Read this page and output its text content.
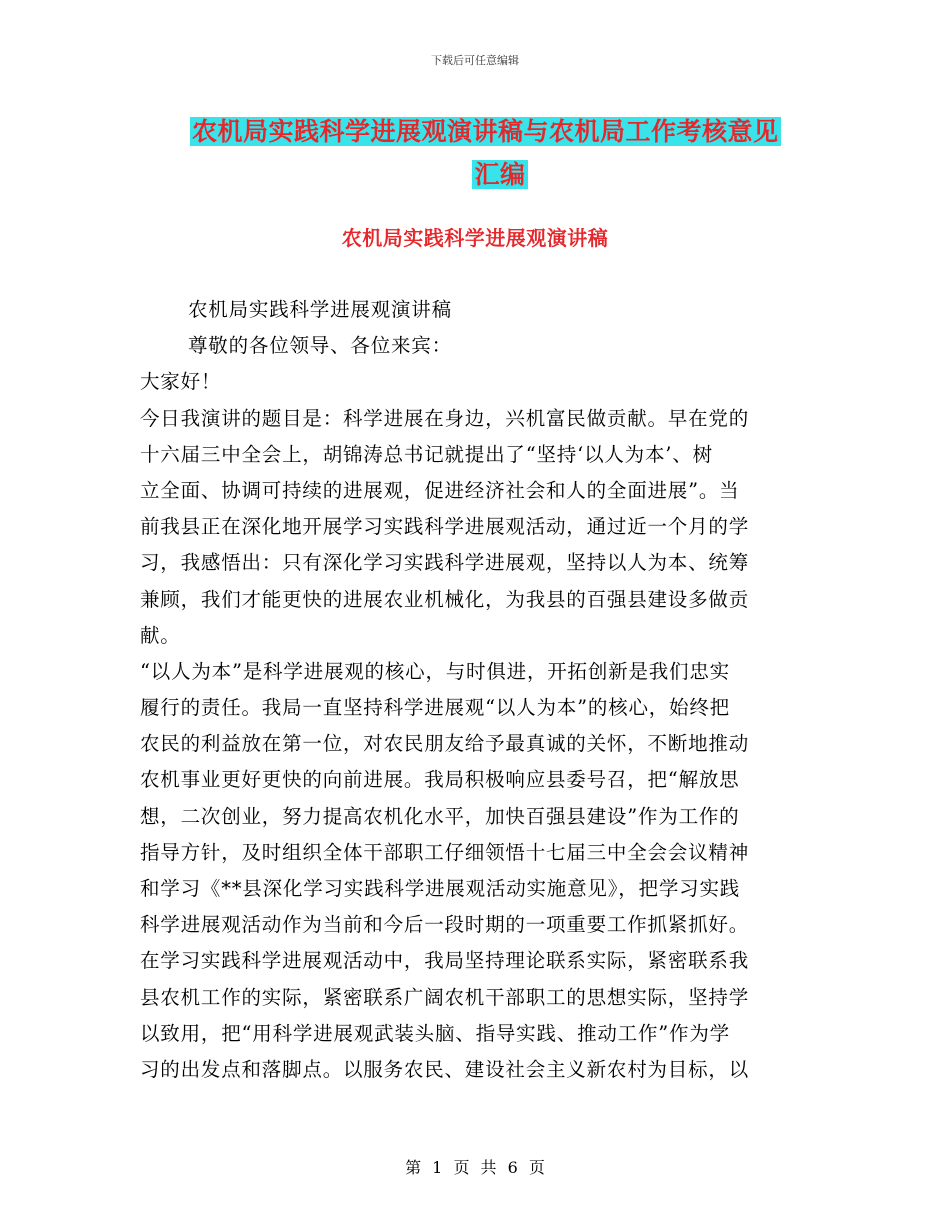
下载后可任意编辑
农机局实践科学进展观演讲稿与农机局工作考核意见
汇编
农机局实践科学进展观演讲稿
农机局实践科学进展观演讲稿
尊敬的各位领导、各位来宾：
大家好！
今日我演讲的题目是：科学进展在身边，兴机富民做贡献。早在党的
十六届三中全会上，胡锦涛总书记就提出了“坚持‘以人为本’、树
立全面、协调可持续的进展观，促进经济社会和人的全面进展”。当
前我县正在深化地开展学习实践科学进展观活动，通过近一个月的学
习，我感悟出：只有深化学习实践科学进展观，坚持以人为本、统筹
兼顾，我们才能更快的进展农业机械化，为我县的百强县建设多做贡
献。
“以人为本”是科学进展观的核心，与时俱进，开拓创新是我们忠实
履行的责任。我局一直坚持科学进展观“以人为本”的核心，始终把
农民的利益放在第一位，对农民朋友给予最真诚的关怀，不断地推动
农机事业更好更快的向前进展。我局积极响应县委号召，把“解放思
想，二次创业，努力提高农机化水平，加快百强县建设”作为工作的
指导方针，及时组织全体干部职工仔细领悟十七届三中全会会议精神
和学习《**县深化学习实践科学进展观活动实施意见》，把学习实践
科学进展观活动作为当前和今后一段时期的一项重要工作抓紧抓好。
在学习实践科学进展观活动中，我局坚持理论联系实际，紧密联系我
县农机工作的实际，紧密联系广阔农机干部职工的思想实际，坚持学
以致用，把“用科学进展观武装头脑、指导实践、推动工作”作为学
习的出发点和落脚点。以服务农民、建设社会主义新农村为目标，以
第 1 页 共 6 页
